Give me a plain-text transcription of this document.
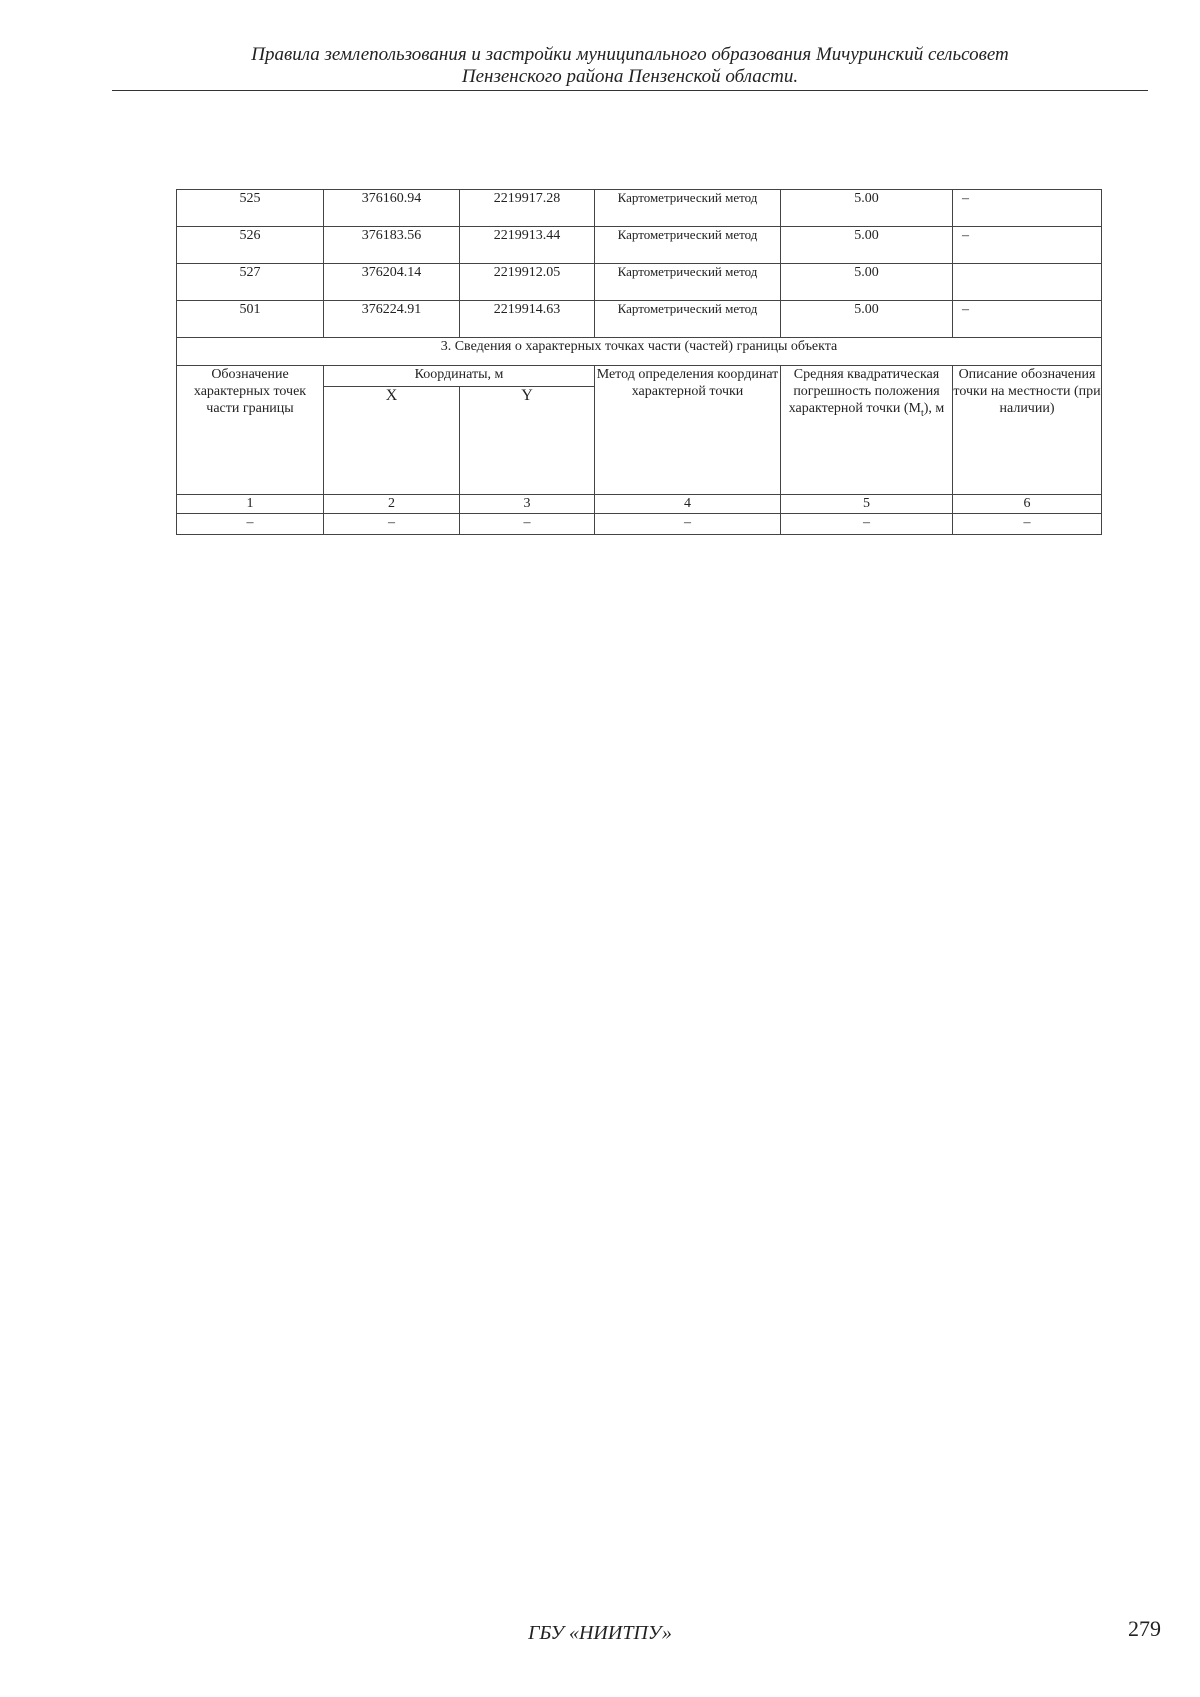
Правила землепользования и застройки муниципального образования Мичуринский сельсовет
Пензенского района Пензенской области.
525	376160.94	2219917.28	Картометрический метод	5.00	–
526	376183.56	2219913.44	Картометрический метод	5.00	–
527	376204.14	2219912.05	Картометрический метод	5.00	
501	376224.91	2219914.63	Картометрический метод	5.00	–
3. Сведения о характерных точках части (частей) границы объекта					
Обозначение характерных точек части границы	Координаты, м		Метод определения координат характерной точки	Средняя квадратическая погрешность положения характерной точки $(M_t)$, м	Описание обозначения точки на местности (при наличии)
	X	Y			
1	2	3	4	5	6
–	–	–	–	–	–
ГБУ «НИИТПУ»	279
